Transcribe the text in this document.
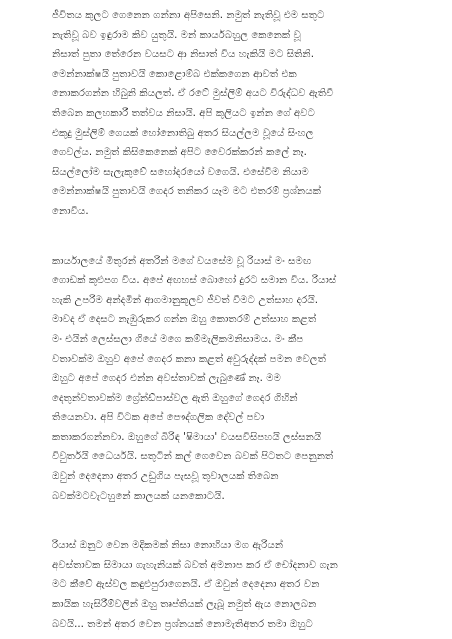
ජීවිතය කුලට ගෙනෙන ගන්නා අපිසෙනි. නමුත් නැතිවූ එම සතුට
නැතිවූ බව ඉඳුරාම කිව යුතුයි. මන් කාර්යබහුල කෙනෙක් වූ
නිසාත් පුතා තේරෙන වයසට ආ නිසාත් විය හැකියි මට සිතිනි.
මෙන්නාක්ෂයි පුතාවයි කොළොම්බ එක්කගෙන ආවත් එක
නොකරගන්න හිබුනි කියලත්. ඒ රටේ මුස්ලිම් අයට විරුද්ධව ඇතිවී
තිබෙන කලහකාරී තත්වය නිසායි. අපි කුලියට ඉන්න ගේ අවට
එකුදු මුස්ලිම් ගෙයක් හෝනොතිබු අතර සියල්ලම වූයේ සිංහල
ගෙවල්ය. නමුත් කිසිකෙනෙක් අපිට වෛරක්කරන් කලේ නෑ.
සියල්ලෝම සැලැකුවේ සහෝදරයෝ වගෙයි. එසේවීම නියාම
මෙන්නාක්ෂයි පුතාවයි ගෙදර තනිකර යෑම මට එතරම් ප්‍රශ්නයක්
නොවීය.
කාර්යාලයේ මිතුරන් අතරින් මගේ වයසේම වූ රියාස් මං සමඟ
ගොඩක් කුළුපග විය. අපේ අඟහස් බොහෝ දුරට සමාන විය. රියාස්
හැකි උපරිම අන්දමින් ආගමානුකූලව ජීවත් වීමට උත්සාහ දරයි.
මාවද ඒ දෙසට නැඹුරුකර ගන්න ඔහු කොතරම් උත්සාහ කළත්
මං එයින් ලෙස්සලා ගියේ මගෙ කම්මැලිකමනිසාමය. මං කීප
වතාවක්ම ඔහුව අපේ ගෙදර කනා කළත් අවුරුද්දක් පමන වෙලත්
ඔහුට අපේ ගෙදර එන්න අවස්තාවක් ලැබුණේ නෑ. මම
දෙතුන්වතාවක්ම ග්‍රේන්ඩ්පාස්වල ඇති ඔහුගේ ගෙදර ගිහින්
තියෙනවා. අපි විටක අපේ පෞද්ගලික දේවල් පවා
කතාකරගන්නවා. ඔහුගේ බිරිඳ 'ෂිමායා' වයසවිසිපහයි ලස්සනයි
විවුර්තයි ධෛර්යයි. සතුටින් කල් ගෙවෙන බවක් පිටතට පෙනුනත්
ඔවුන් දෙදෙනා අතර උඩුගිය පැසවූ තුවාලයක් තිබෙන
බවක්මටවැටහුනේ කාලයක් යනකොටයි.
රියාස් ඔනුට වෙන මදිකමක් නිසා නොහියා මග ඇරියන්
අවස්තාවක සිමායා ගැහැනියක් බවත් අමනාප කර ඒ චෝදනාව ගැන
මට කීවේ ඇස්වල කඳුළුපුරාගෙනයි. ඒ ඔවුන් දෙදෙනා අතර වන
කායික හැසිරීම්වලින් ඔහු තෘප්තියක් ලැබූ නමුත් ඇය නොලබන
බවයි... තමන් අතර වෙන ප්‍රශ්නයක් නොමැතිඅතර තමා ඔහුට
